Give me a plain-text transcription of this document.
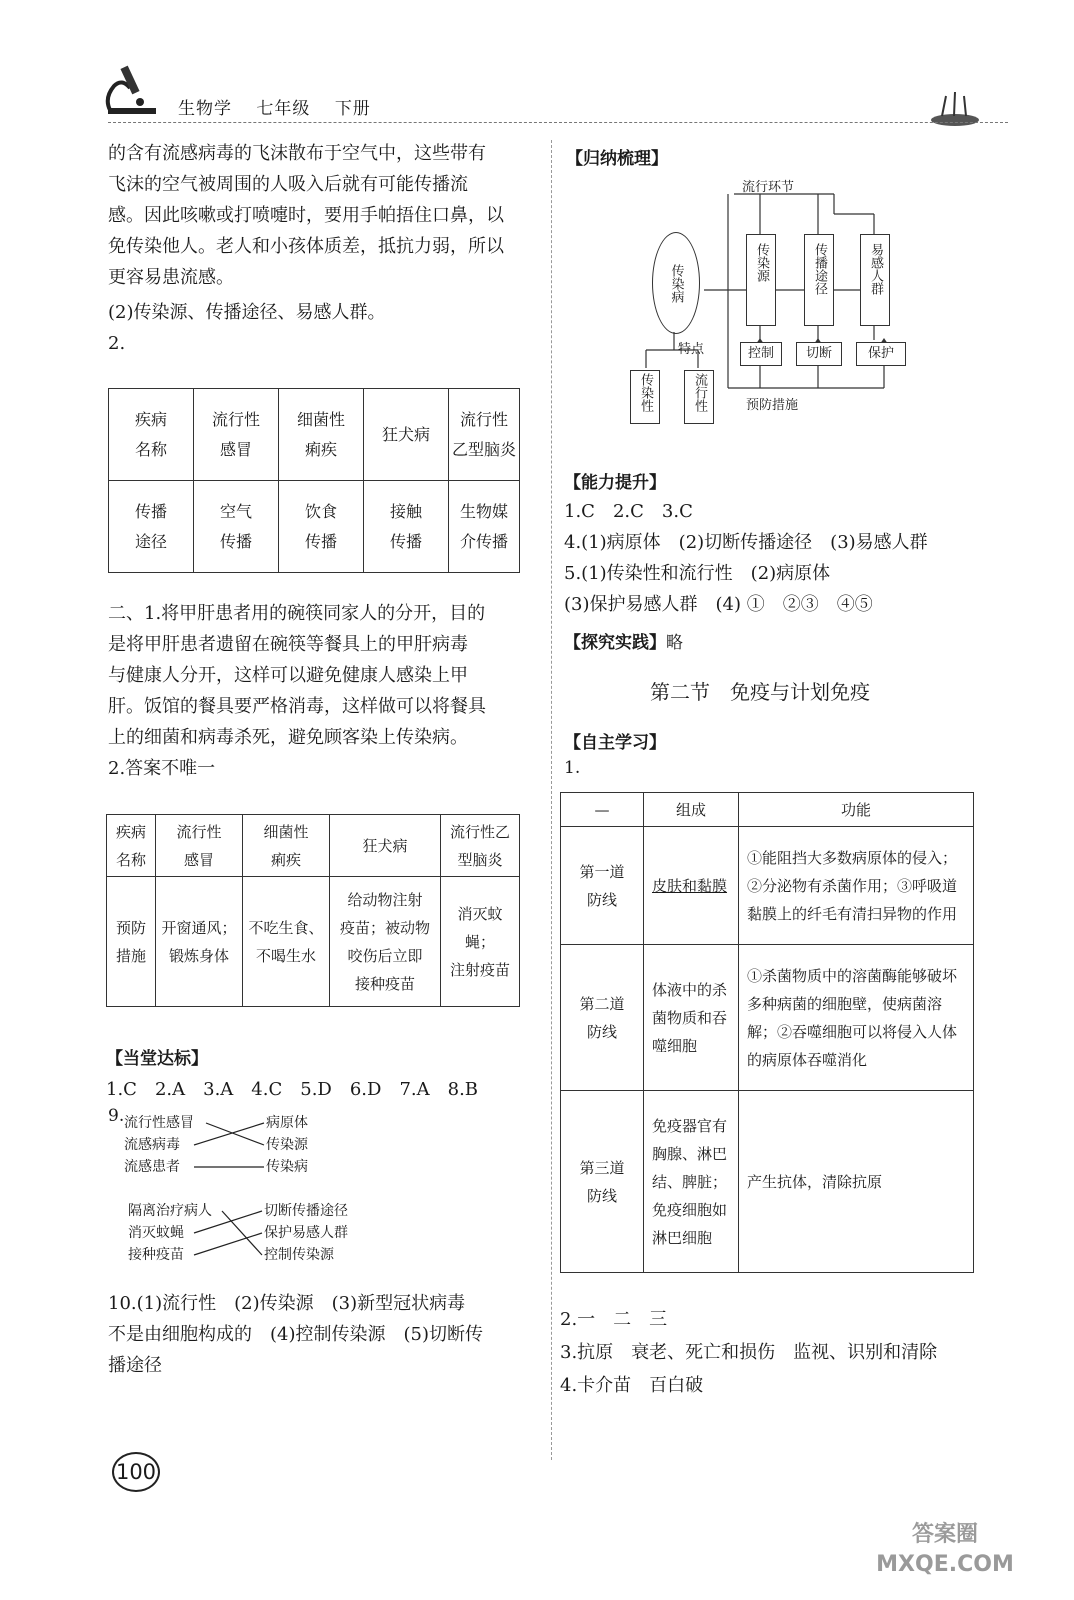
生物学 七年级 下册
的含有流感病毒的飞沫散布于空气中，这些带有
飞沫的空气被周围的人吸入后就有可能传播流
感。因此咳嗽或打喷嚏时，要用手帕捂住口鼻，以
免传染他人。老人和小孩体质差，抵抗力弱，所以
更容易患流感。
(2)传染源、传播途径、易感人群。
2.
疾病
名称	流行性
感冒	细菌性
痢疾	狂犬病	流行性
乙型脑炎
传播
途径	空气
传播	饮食
传播	接触
传播	生物媒
介传播
二、1.将甲肝患者用的碗筷同家人的分开，目的
是将甲肝患者遗留在碗筷等餐具上的甲肝病毒
与健康人分开，这样可以避免健康人感染上甲
肝。饭馆的餐具要严格消毒，这样做可以将餐具
上的细菌和病毒杀死，避免顾客染上传染病。
2.答案不唯一
疾病
名称	流行性
感冒	细菌性
痢疾	狂犬病	流行性乙
型脑炎
预防
措施	开窗通风；
锻炼身体	不吃生食、
不喝生水	给动物注射
疫苗；被动物
咬伤后立即
接种疫苗	消灭蚊蝇；
注射疫苗
【当堂达标】
1.C　2.A　3.A　4.C　5.D　6.D　7.A　8.B
9. 流行性感冒
流感病毒
流感患者
病原体
传染源
传染病
隔离治疗病人
消灭蚊蝇
接种疫苗
切断传播途径
保护易感人群
控制传染源
10.(1)流行性　(2)传染源　(3)新型冠状病毒
不是由细胞构成的　(4)控制传染源　(5)切断传
播途径
100
【归纳梳理】
流行环节
传染病
传染源	传播途径	易感人群
控制	切断	保护
特点
传染性	流行性	预防措施
【能力提升】
1.C　2.C　3.C
4.(1)病原体　(2)切断传播途径　(3)易感人群
5.(1)传染性和流行性　(2)病原体
(3)保护易感人群　(4) ①　②③　④⑤
【探究实践】略
第二节　免疫与计划免疫
【自主学习】
1.
—	组成	功能
第一道
防线	皮肤和黏膜	①能阻挡大多数病原体的侵入；②分泌物有杀菌作用；③呼吸道黏膜上的纤毛有清扫异物的作用
第二道
防线	体液中的杀菌物质和吞噬细胞	①杀菌物质中的溶菌酶能够破坏多种病菌的细胞壁，使病菌溶解；②吞噬细胞可以将侵入人体的病原体吞噬消化
第三道
防线	免疫器官有胸腺、淋巴结、脾脏；免疫细胞如淋巴细胞	产生抗体，清除抗原
2.一　二　三
3.抗原　衰老、死亡和损伤　监视、识别和清除
4.卡介苗　百白破
答案圈 MXQE.COM
